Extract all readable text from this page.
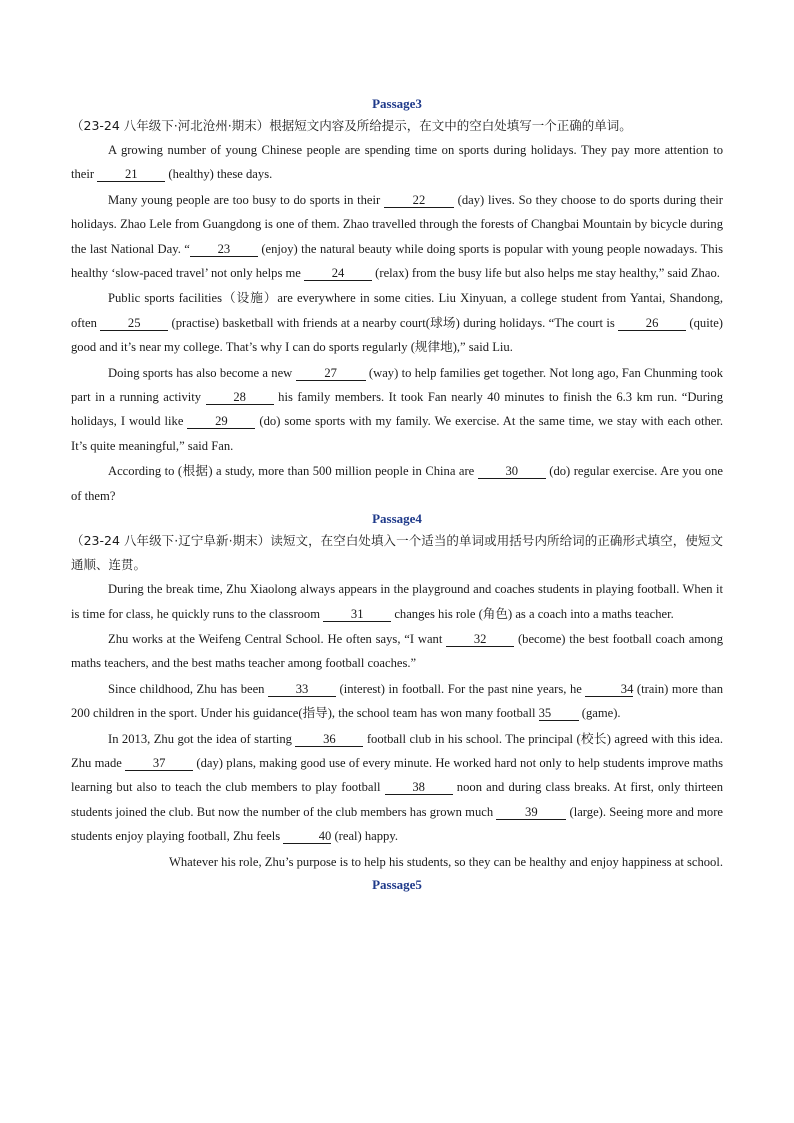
Passage3
（23-24 八年级下·河北沧州·期末）根据短文内容及所给提示，在文中的空白处填写一个正确的单词。

A growing number of young Chinese people are spending time on sports during holidays. They pay more attention to their 21 (healthy) these days.

Many young people are too busy to do sports in their 22 (day) lives. So they choose to do sports during their holidays. Zhao Lele from Guangdong is one of them. Zhao travelled through the forests of Changbai Mountain by bicycle during the last National Day. “ 23 (enjoy) the natural beauty while doing sports is popular with young people nowadays. This healthy ‘slow-paced travel’ not only helps me 24 (relax) from the busy life but also helps me stay healthy,” said Zhao.

Public sports facilities（设施）are everywhere in some cities. Liu Xinyuan, a college student from Yantai, Shandong, often 25 (practise) basketball with friends at a nearby court(球场) during holidays. “The court is 26 (quite) good and it’s near my college. That’s why I can do sports regularly (规律地),” said Liu.

Doing sports has also become a new 27 (way) to help families get together. Not long ago, Fan Chunming took part in a running activity 28 his family members. It took Fan nearly 40 minutes to finish the 6.3 km run. “During holidays, I would like 29 (do) some sports with my family. We exercise. At the same time, we stay with each other. It’s quite meaningful,” said Fan.

According to (根据) a study, more than 500 million people in China are 30 (do) regular exercise. Are you one of them?

Passage4
（23-24 八年级下·辽宁阜新·期末）读短文，在空白处填入一个适当的单词或用括号内所给词的正确形式填空，使短文通顺、连贯。

During the break time, Zhu Xiaolong always appears in the playground and coaches students in playing football. When it is time for class, he quickly runs to the classroom 31 changes his role (角色) as a coach into a maths teacher.

Zhu works at the Weifeng Central School. He often says, “I want 32 (become) the best football coach among maths teachers, and the best maths teacher among football coaches.”

Since childhood, Zhu has been 33 (interest) in football. For the past nine years, he	34 (train) more than 200 children in the sport. Under his guidance(指导), the school team has won many football 35 (game).

In 2013, Zhu got the idea of starting 36 football club in his school. The principal (校长) agreed with this idea. Zhu made 37 (day) plans, making good use of every minute. He worked hard not only to help students improve maths learning but also to teach the club members to play football 38 noon and during class breaks. At first, only thirteen students joined the club. But now the number of the club members has grown much 39 (large). Seeing more and more students enjoy playing football, Zhu feels	40 (real) happy.

Whatever his role, Zhu’s purpose is to help his students, so they can be healthy and enjoy happiness at school.

Passage5
